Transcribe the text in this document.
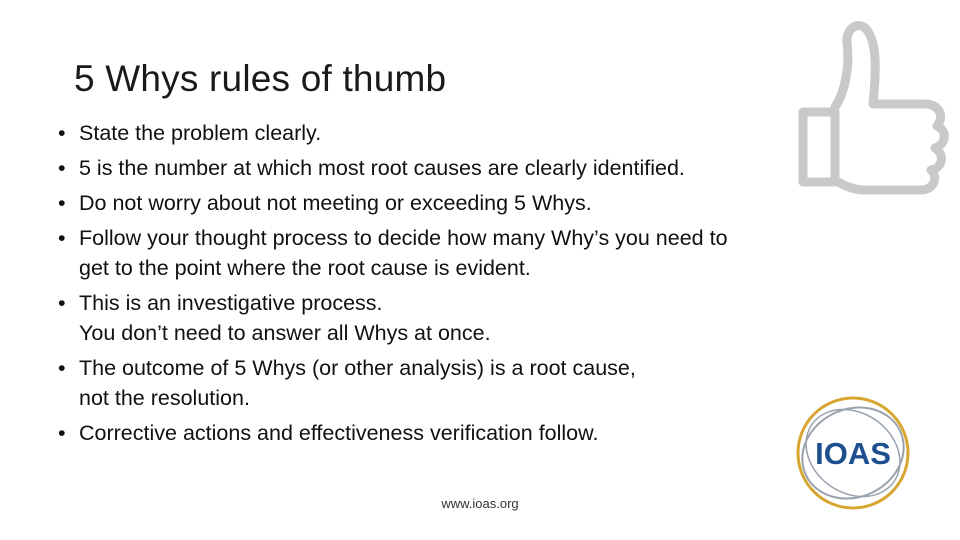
5 Whys rules of thumb
• State the problem clearly.
• 5 is the number at which most root causes are clearly identified.
• Do not worry about not meeting or exceeding 5 Whys.
• Follow your thought process to decide how many Why’s you need to
get to the point where the root cause is evident.
• This is an investigative process.
You don’t need to answer all Whys at once.
• The outcome of 5 Whys (or other analysis) is a root cause,
not the resolution.
• Corrective actions and effectiveness verification follow.
IOAS
www.ioas.org
